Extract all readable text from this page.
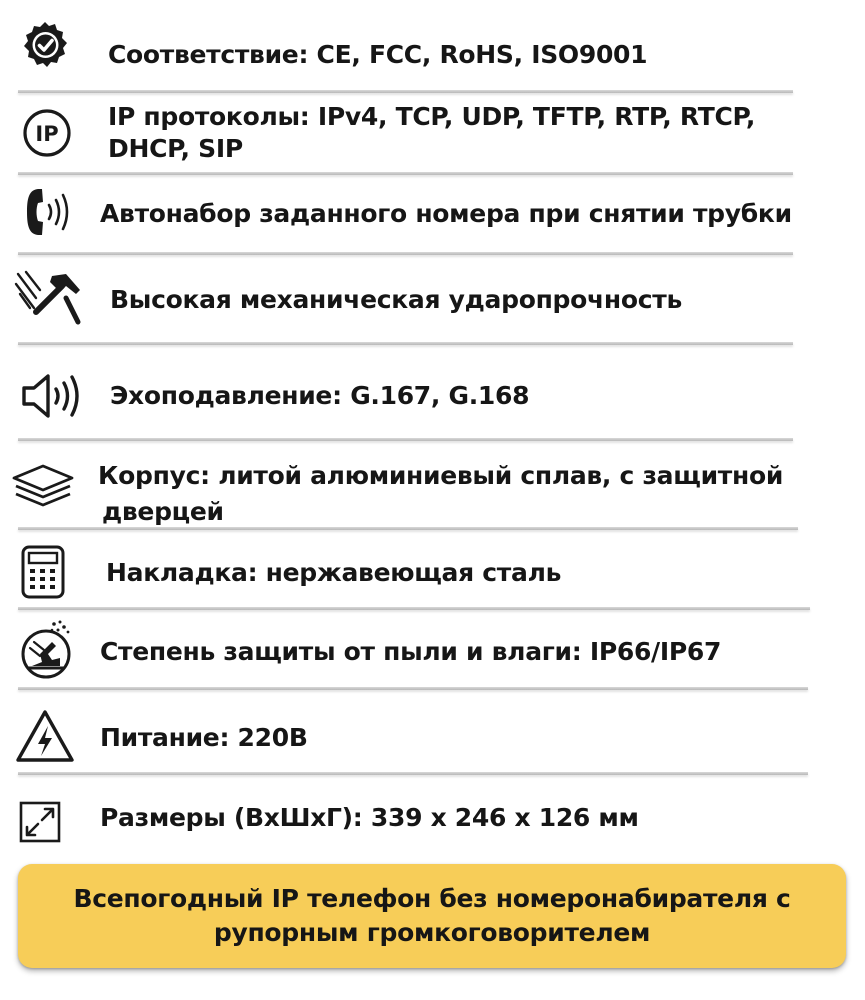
Соответствие: CE, FCC, RoHS, ISO9001
IP
IP протоколы: IPv4, TCP, UDP, TFTP, RTP, RTCP,
DHCP, SIP
Автонабор заданного номера при снятии трубки
Высокая механическая ударопрочность
Эхоподавление: G.167, G.168
Корпус: литой алюминиевый сплав, с защитной
дверцей
Накладка: нержавеющая сталь
Степень защиты от пыли и влаги: IP66/IP67
Питание: 220В
Размеры (ВхШхГ): 339 х 246 х 126 мм
Всепогодный IP телефон без номеронабирателя с
рупорным громкоговорителем
